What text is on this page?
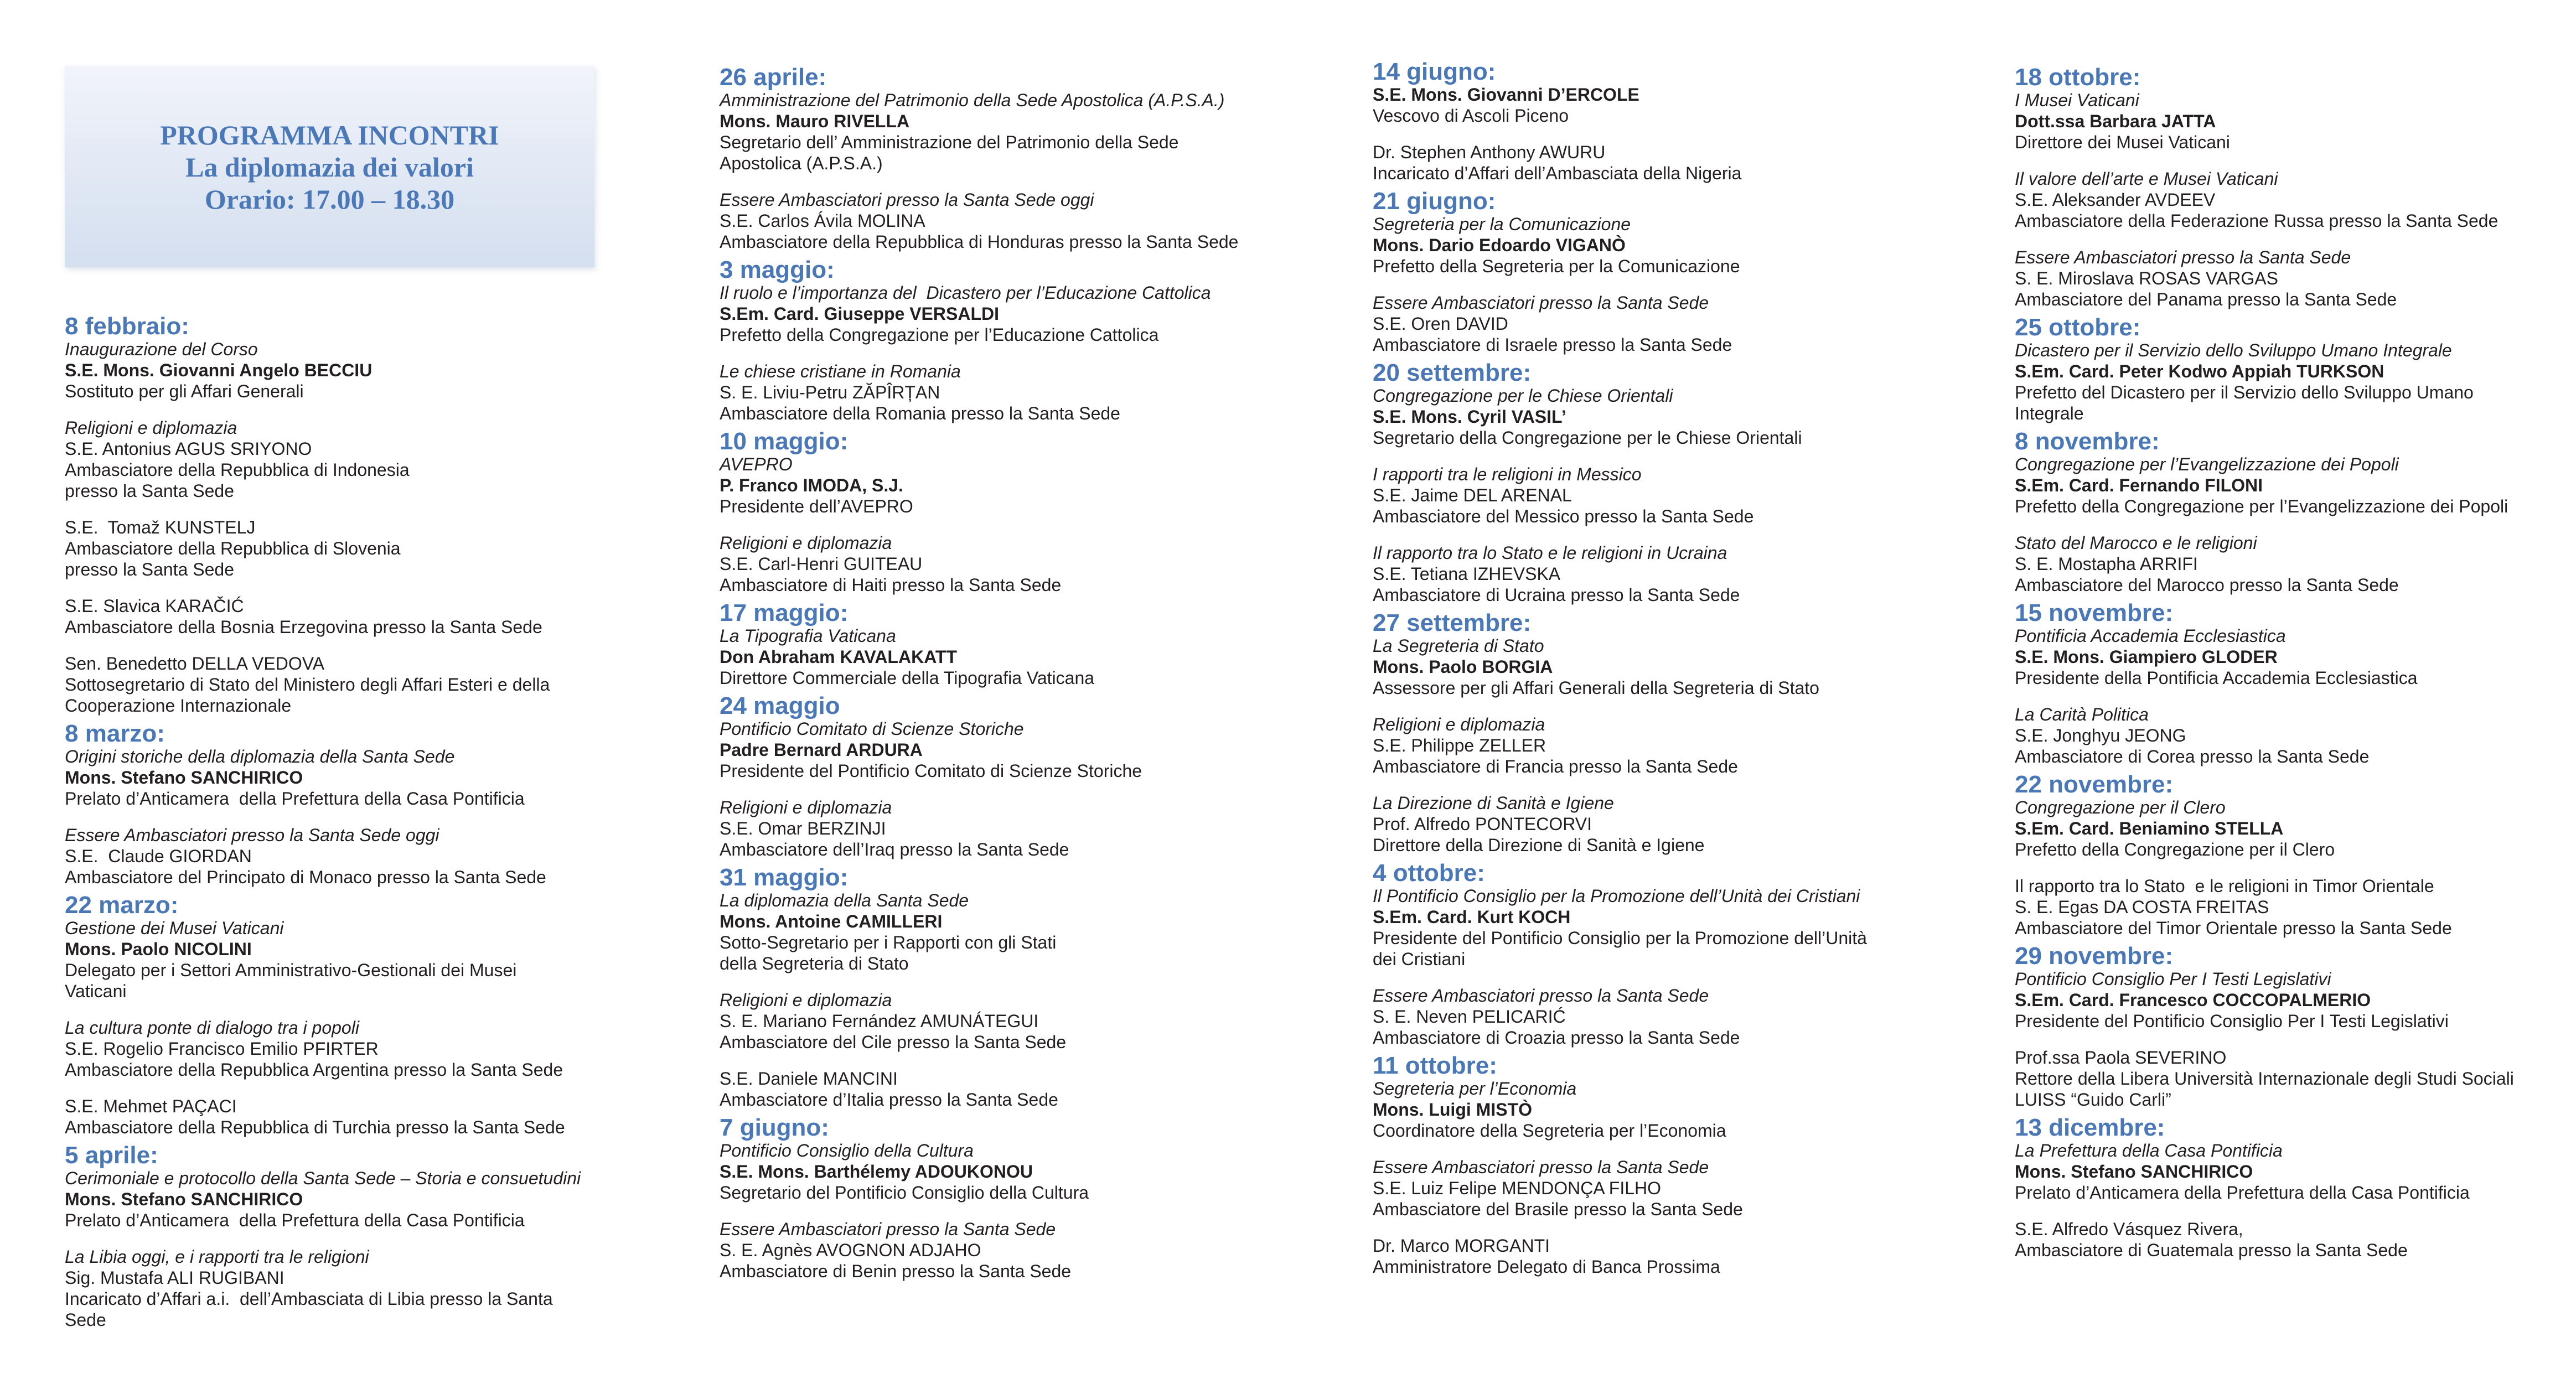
PROGRAMMA INCONTRI
La diplomazia dei valori
Orario: 17.00 – 18.30
8 febbraio:
Inaugurazione del Corso
S.E. Mons. Giovanni Angelo BECCIU
Sostituto per gli Affari Generali
Religioni e diplomazia
S.E. Antonius AGUS SRIYONO
Ambasciatore della Repubblica di Indonesia
presso la Santa Sede
S.E.  Tomaž KUNSTELJ
Ambasciatore della Repubblica di Slovenia
presso la Santa Sede
S.E. Slavica KARAČIĆ
Ambasciatore della Bosnia Erzegovina presso la Santa Sede
Sen. Benedetto DELLA VEDOVA
Sottosegretario di Stato del Ministero degli Affari Esteri e della
Cooperazione Internazionale
8 marzo:
Origini storiche della diplomazia della Santa Sede
Mons. Stefano SANCHIRICO
Prelato d’Anticamera  della Prefettura della Casa Pontificia
Essere Ambasciatori presso la Santa Sede oggi
S.E.  Claude GIORDAN
Ambasciatore del Principato di Monaco presso la Santa Sede
22 marzo:
Gestione dei Musei Vaticani
Mons. Paolo NICOLINI
Delegato per i Settori Amministrativo-Gestionali dei Musei
Vaticani
La cultura ponte di dialogo tra i popoli
S.E. Rogelio Francisco Emilio PFIRTER
Ambasciatore della Repubblica Argentina presso la Santa Sede
S.E. Mehmet PAÇACI
Ambasciatore della Repubblica di Turchia presso la Santa Sede
5 aprile:
Cerimoniale e protocollo della Santa Sede – Storia e consuetudini
Mons. Stefano SANCHIRICO
Prelato d’Anticamera  della Prefettura della Casa Pontificia
La Libia oggi, e i rapporti tra le religioni
Sig. Mustafa ALI RUGIBANI
Incaricato d’Affari a.i.  dell’Ambasciata di Libia presso la Santa
Sede
26 aprile:
Amministrazione del Patrimonio della Sede Apostolica (A.P.S.A.)
Mons. Mauro RIVELLA
Segretario dell’ Amministrazione del Patrimonio della Sede
Apostolica (A.P.S.A.)
Essere Ambasciatori presso la Santa Sede oggi
S.E. Carlos Ávila MOLINA
Ambasciatore della Repubblica di Honduras presso la Santa Sede
3 maggio:
Il ruolo e l’importanza del  Dicastero per l’Educazione Cattolica
S.Em. Card. Giuseppe VERSALDI
Prefetto della Congregazione per l’Educazione Cattolica
Le chiese cristiane in Romania
S. E. Liviu-Petru ZĂPÎRȚAN
Ambasciatore della Romania presso la Santa Sede
10 maggio:
AVEPRO
P. Franco IMODA, S.J.
Presidente dell’AVEPRO
Religioni e diplomazia
S.E. Carl-Henri GUITEAU
Ambasciatore di Haiti presso la Santa Sede
17 maggio:
La Tipografia Vaticana
Don Abraham KAVALAKATT
Direttore Commerciale della Tipografia Vaticana
24 maggio
Pontificio Comitato di Scienze Storiche
Padre Bernard ARDURA
Presidente del Pontificio Comitato di Scienze Storiche
Religioni e diplomazia
S.E. Omar BERZINJI
Ambasciatore dell’Iraq presso la Santa Sede
31 maggio:
La diplomazia della Santa Sede
Mons. Antoine CAMILLERI
Sotto-Segretario per i Rapporti con gli Stati
della Segreteria di Stato
Religioni e diplomazia
S. E. Mariano Fernández AMUNÁTEGUI
Ambasciatore del Cile presso la Santa Sede
S.E. Daniele MANCINI
Ambasciatore d’Italia presso la Santa Sede
7 giugno:
Pontificio Consiglio della Cultura
S.E. Mons. Barthélemy ADOUKONOU
Segretario del Pontificio Consiglio della Cultura
Essere Ambasciatori presso la Santa Sede
S. E. Agnès AVOGNON ADJAHO
Ambasciatore di Benin presso la Santa Sede
14 giugno:
S.E. Mons. Giovanni D’ERCOLE
Vescovo di Ascoli Piceno
Dr. Stephen Anthony AWURU
Incaricato d’Affari dell’Ambasciata della Nigeria
21 giugno:
Segreteria per la Comunicazione
Mons. Dario Edoardo VIGANÒ
Prefetto della Segreteria per la Comunicazione
Essere Ambasciatori presso la Santa Sede
S.E. Oren DAVID
Ambasciatore di Israele presso la Santa Sede
20 settembre:
Congregazione per le Chiese Orientali
S.E. Mons. Cyril VASIL’
Segretario della Congregazione per le Chiese Orientali
I rapporti tra le religioni in Messico
S.E. Jaime DEL ARENAL
Ambasciatore del Messico presso la Santa Sede
Il rapporto tra lo Stato e le religioni in Ucraina
S.E. Tetiana IZHEVSKA
Ambasciatore di Ucraina presso la Santa Sede
27 settembre:
La Segreteria di Stato
Mons. Paolo BORGIA
Assessore per gli Affari Generali della Segreteria di Stato
Religioni e diplomazia
S.E. Philippe ZELLER
Ambasciatore di Francia presso la Santa Sede
La Direzione di Sanità e Igiene
Prof. Alfredo PONTECORVI
Direttore della Direzione di Sanità e Igiene
4 ottobre:
Il Pontificio Consiglio per la Promozione dell’Unità dei Cristiani
S.Em. Card. Kurt KOCH
Presidente del Pontificio Consiglio per la Promozione dell’Unità
dei Cristiani
Essere Ambasciatori presso la Santa Sede
S. E. Neven PELICARIĆ
Ambasciatore di Croazia presso la Santa Sede
11 ottobre:
Segreteria per l’Economia
Mons. Luigi MISTÒ
Coordinatore della Segreteria per l’Economia
Essere Ambasciatori presso la Santa Sede
S.E. Luiz Felipe MENDONÇA FILHO
Ambasciatore del Brasile presso la Santa Sede
Dr. Marco MORGANTI
Amministratore Delegato di Banca Prossima
18 ottobre:
I Musei Vaticani
Dott.ssa Barbara JATTA
Direttore dei Musei Vaticani
Il valore dell’arte e Musei Vaticani
S.E. Aleksander AVDEEV
Ambasciatore della Federazione Russa presso la Santa Sede
Essere Ambasciatori presso la Santa Sede
S. E. Miroslava ROSAS VARGAS
Ambasciatore del Panama presso la Santa Sede
25 ottobre:
Dicastero per il Servizio dello Sviluppo Umano Integrale
S.Em. Card. Peter Kodwo Appiah TURKSON
Prefetto del Dicastero per il Servizio dello Sviluppo Umano
Integrale
8 novembre:
Congregazione per l’Evangelizzazione dei Popoli
S.Em. Card. Fernando FILONI
Prefetto della Congregazione per l’Evangelizzazione dei Popoli
Stato del Marocco e le religioni
S. E. Mostapha ARRIFI
Ambasciatore del Marocco presso la Santa Sede
15 novembre:
Pontificia Accademia Ecclesiastica
S.E. Mons. Giampiero GLODER
Presidente della Pontificia Accademia Ecclesiastica
La Carità Politica
S.E. Jonghyu JEONG
Ambasciatore di Corea presso la Santa Sede
22 novembre:
Congregazione per il Clero
S.Em. Card. Beniamino STELLA
Prefetto della Congregazione per il Clero
Il rapporto tra lo Stato  e le religioni in Timor Orientale
S. E. Egas DA COSTA FREITAS
Ambasciatore del Timor Orientale presso la Santa Sede
29 novembre:
Pontificio Consiglio Per I Testi Legislativi
S.Em. Card. Francesco COCCOPALMERIO
Presidente del Pontificio Consiglio Per I Testi Legislativi
Prof.ssa Paola SEVERINO
Rettore della Libera Università Internazionale degli Studi Sociali
LUISS “Guido Carli”
13 dicembre:
La Prefettura della Casa Pontificia
Mons. Stefano SANCHIRICO
Prelato d’Anticamera della Prefettura della Casa Pontificia
S.E. Alfredo Vásquez Rivera,
Ambasciatore di Guatemala presso la Santa Sede
